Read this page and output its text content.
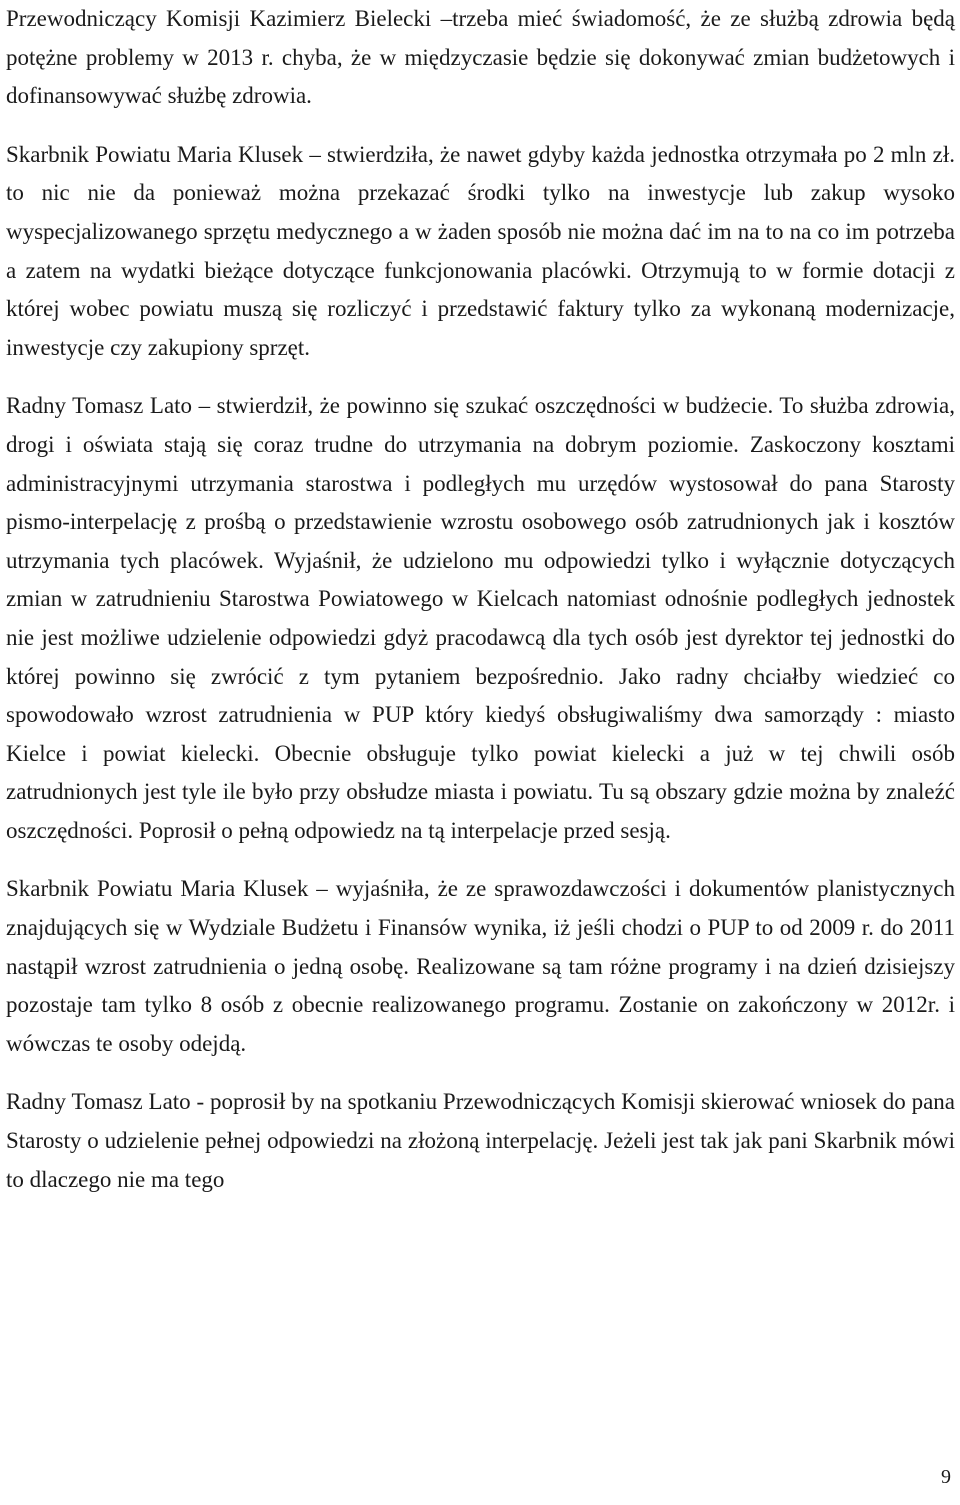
Przewodniczący Komisji Kazimierz Bielecki –trzeba mieć świadomość, że ze służbą zdrowia będą potężne problemy w 2013 r. chyba, że w międzyczasie będzie się dokonywać zmian budżetowych i dofinansowywać służbę zdrowia.

Skarbnik Powiatu Maria Klusek – stwierdziła, że nawet gdyby każda jednostka otrzymała po 2 mln zł. to nic nie da ponieważ można przekazać środki tylko na inwestycje lub zakup wysoko wyspecjalizowanego sprzętu medycznego a w żaden sposób nie można dać im na to na co im potrzeba a zatem na wydatki bieżące dotyczące funkcjonowania placówki. Otrzymują to w formie dotacji z której wobec powiatu muszą się rozliczyć i przedstawić faktury tylko za wykonaną modernizacje, inwestycje czy zakupiony sprzęt.

Radny Tomasz Lato – stwierdził, że powinno się szukać oszczędności w budżecie. To służba zdrowia, drogi i oświata stają się coraz trudne do utrzymania na dobrym poziomie. Zaskoczony kosztami administracyjnymi utrzymania starostwa i podległych mu urzędów wystosował do pana Starosty pismo-interpelację z prośbą o przedstawienie wzrostu osobowego osób zatrudnionych jak i kosztów utrzymania tych placówek. Wyjaśnił, że udzielono mu odpowiedzi tylko i wyłącznie dotyczących zmian w zatrudnieniu Starostwa Powiatowego w Kielcach natomiast odnośnie podległych jednostek nie jest możliwe udzielenie odpowiedzi gdyż pracodawcą dla tych osób jest dyrektor tej jednostki do której powinno się zwrócić z tym pytaniem bezpośrednio. Jako radny chciałby wiedzieć co spowodowało wzrost zatrudnienia w PUP który kiedyś obsługiwaliśmy dwa samorządy : miasto Kielce i powiat kielecki. Obecnie obsługuje tylko powiat kielecki a już w tej chwili osób zatrudnionych jest tyle ile było przy obsłudze miasta i powiatu. Tu są obszary gdzie można by znaleźć oszczędności. Poprosił o pełną odpowiedz na tą interpelacje przed sesją.

Skarbnik Powiatu Maria Klusek – wyjaśniła, że ze sprawozdawczości i dokumentów planistycznych znajdujących się w Wydziale Budżetu i Finansów wynika, iż jeśli chodzi o PUP to od 2009 r. do 2011 nastąpił wzrost zatrudnienia o jedną osobę. Realizowane są tam różne programy i na dzień dzisiejszy pozostaje tam tylko 8 osób z obecnie realizowanego programu. Zostanie on zakończony w 2012r. i wówczas te osoby odejdą.

Radny Tomasz Lato - poprosił by na spotkaniu Przewodniczących Komisji skierować wniosek do pana Starosty o udzielenie pełnej odpowiedzi na złożoną interpelację. Jeżeli jest tak jak pani Skarbnik mówi to dlaczego nie ma tego

9
